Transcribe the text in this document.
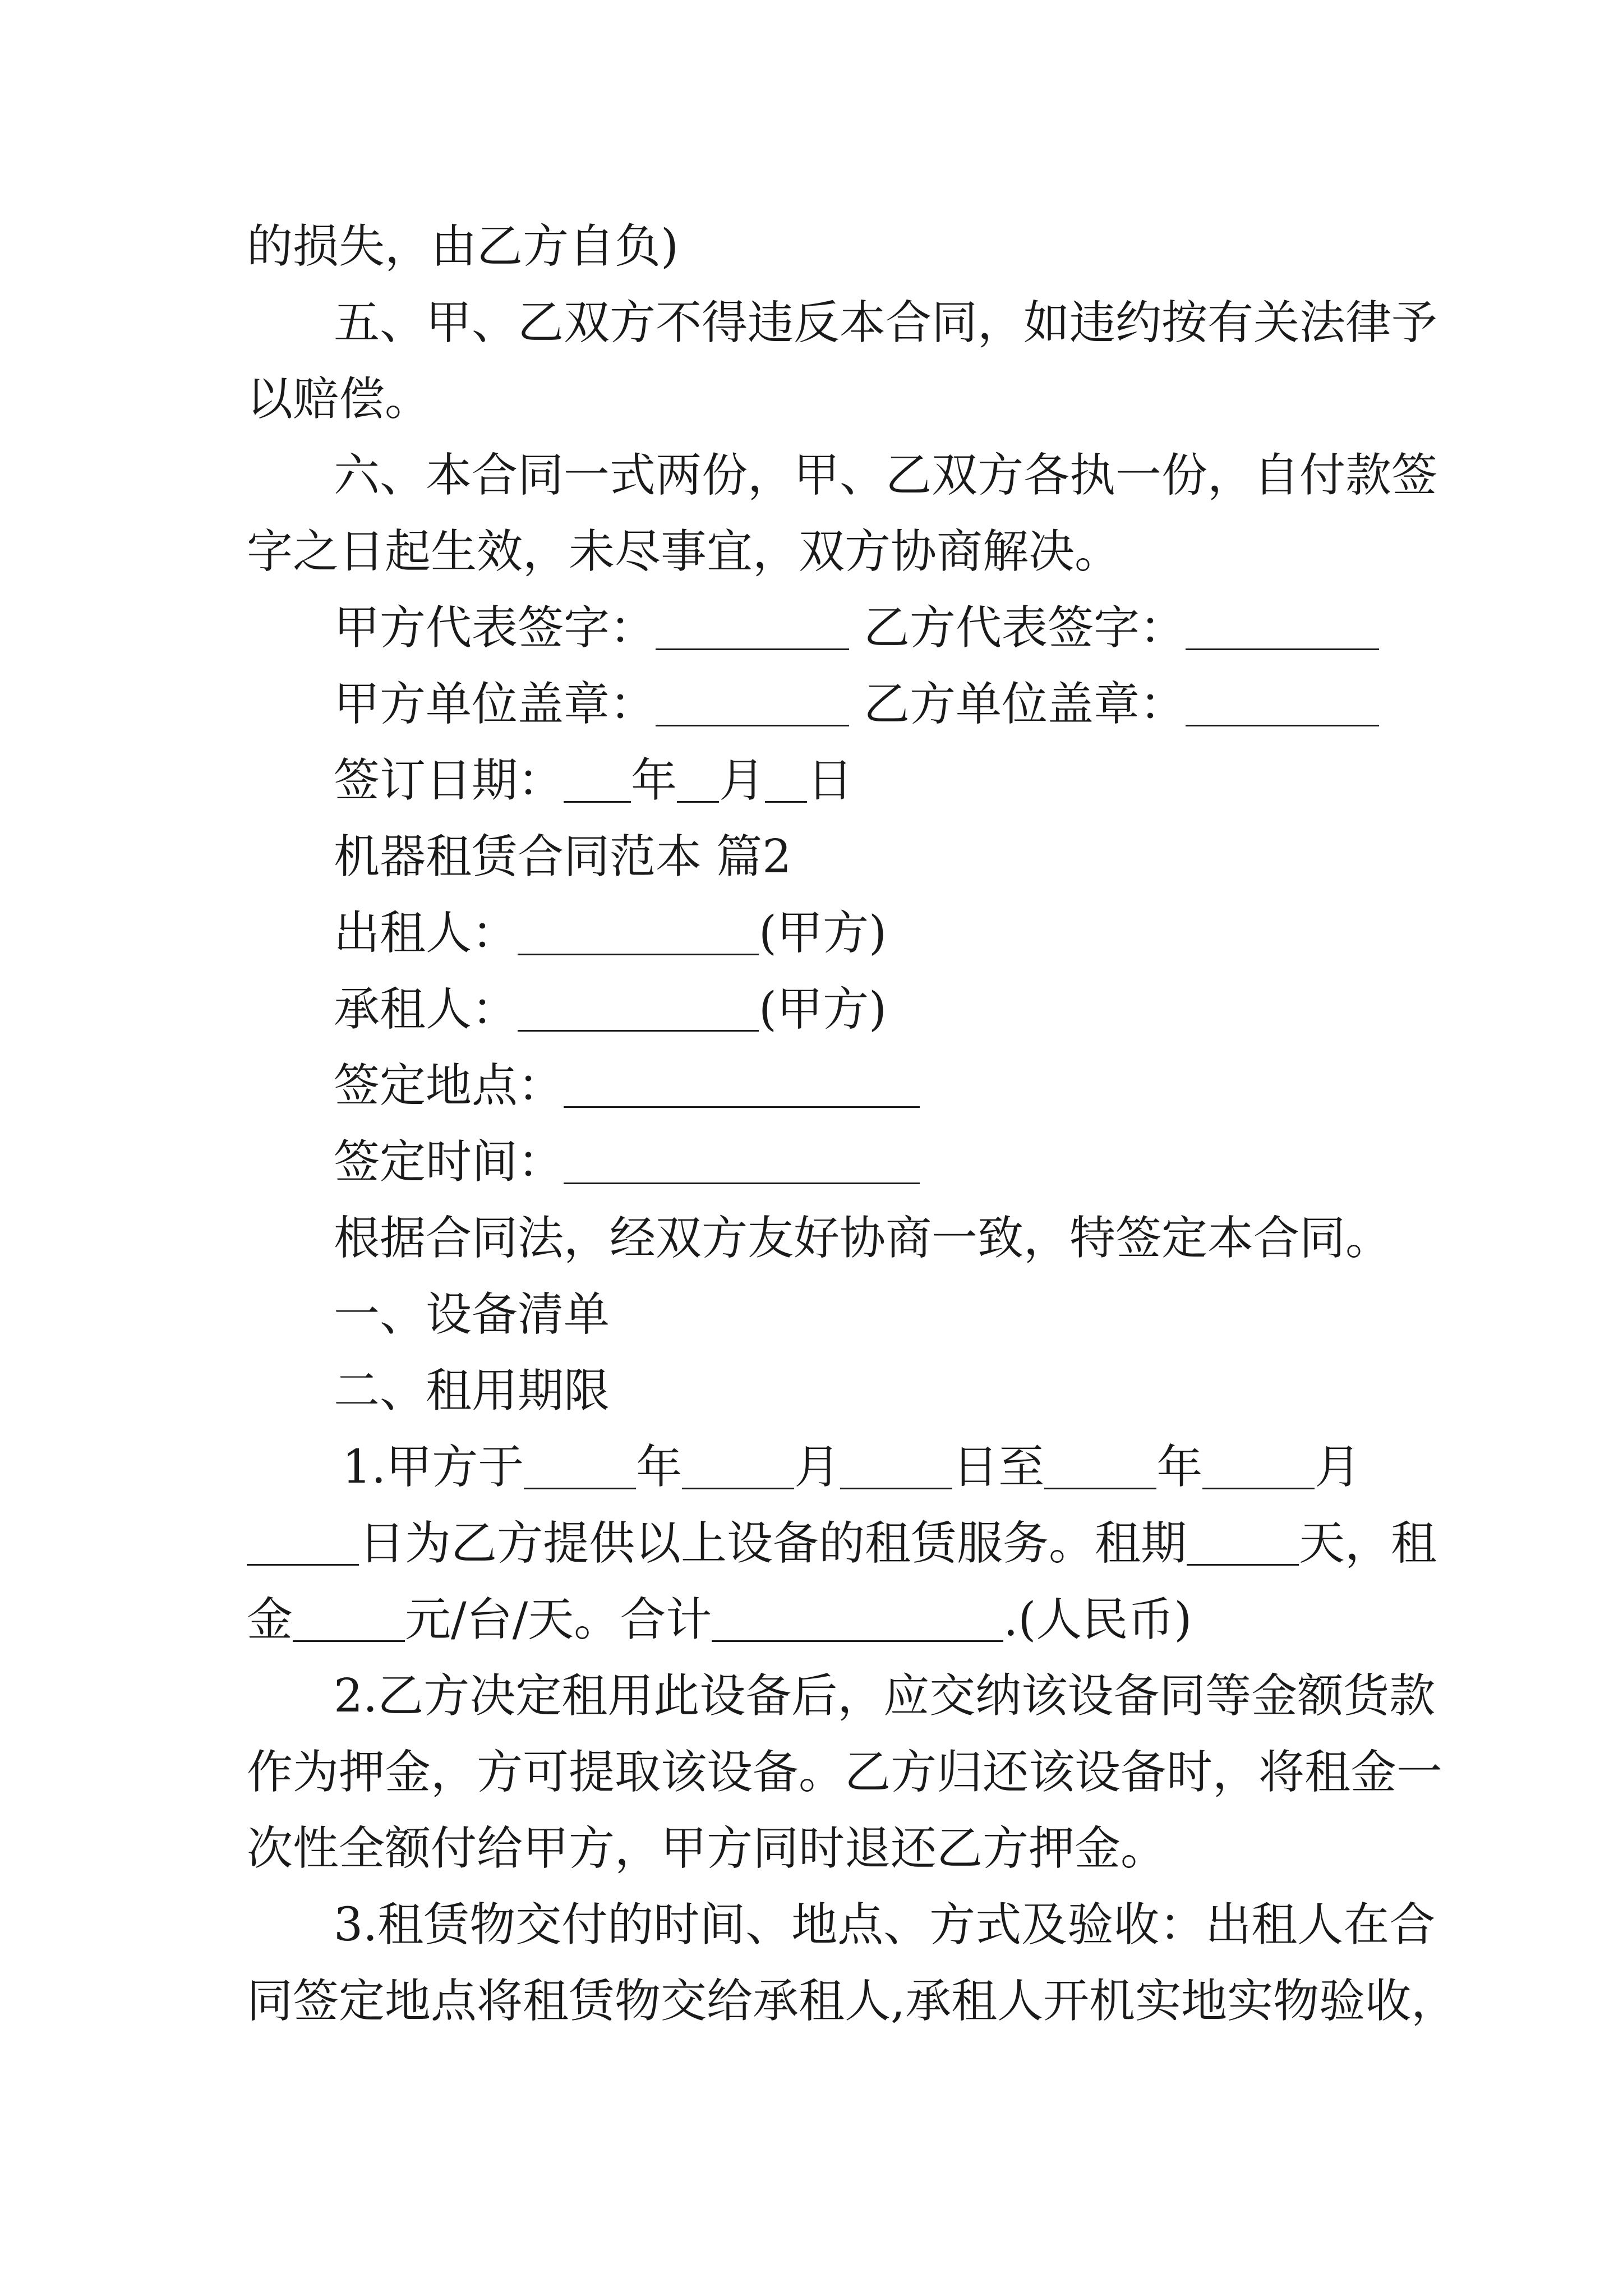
的损失，由乙方自负)
五、甲、乙双方不得违反本合同，如违约按有关法律予
以赔偿。
六、本合同一式两份，甲、乙双方各执一份，自付款签
字之日起生效，未尽事宜，双方协商解决。
甲方代表签字：	乙方代表签字：
甲方单位盖章：	乙方单位盖章：
签订日期： 年 月 日
机器租赁合同范本 篇2
出租人：	(甲方)
承租人：	(甲方)
签定地点：
签定时间：
根据合同法，经双方友好协商一致，特签定本合同。
一、设备清单
二、租用期限
1.甲方于 年 月 日至 年 月
日为乙方提供以上设备的租赁服务。租期 天，租
金 元/台/天。合计	.(人民币)
2.乙方决定租用此设备后，应交纳该设备同等金额货款
作为押金，方可提取该设备。乙方归还该设备时，将租金一
次性全额付给甲方，甲方同时退还乙方押金。
3.租赁物交付的时间、地点、方式及验收：出租人在合
同签定地点将租赁物交给承租人,承租人开机实地实物验收，
